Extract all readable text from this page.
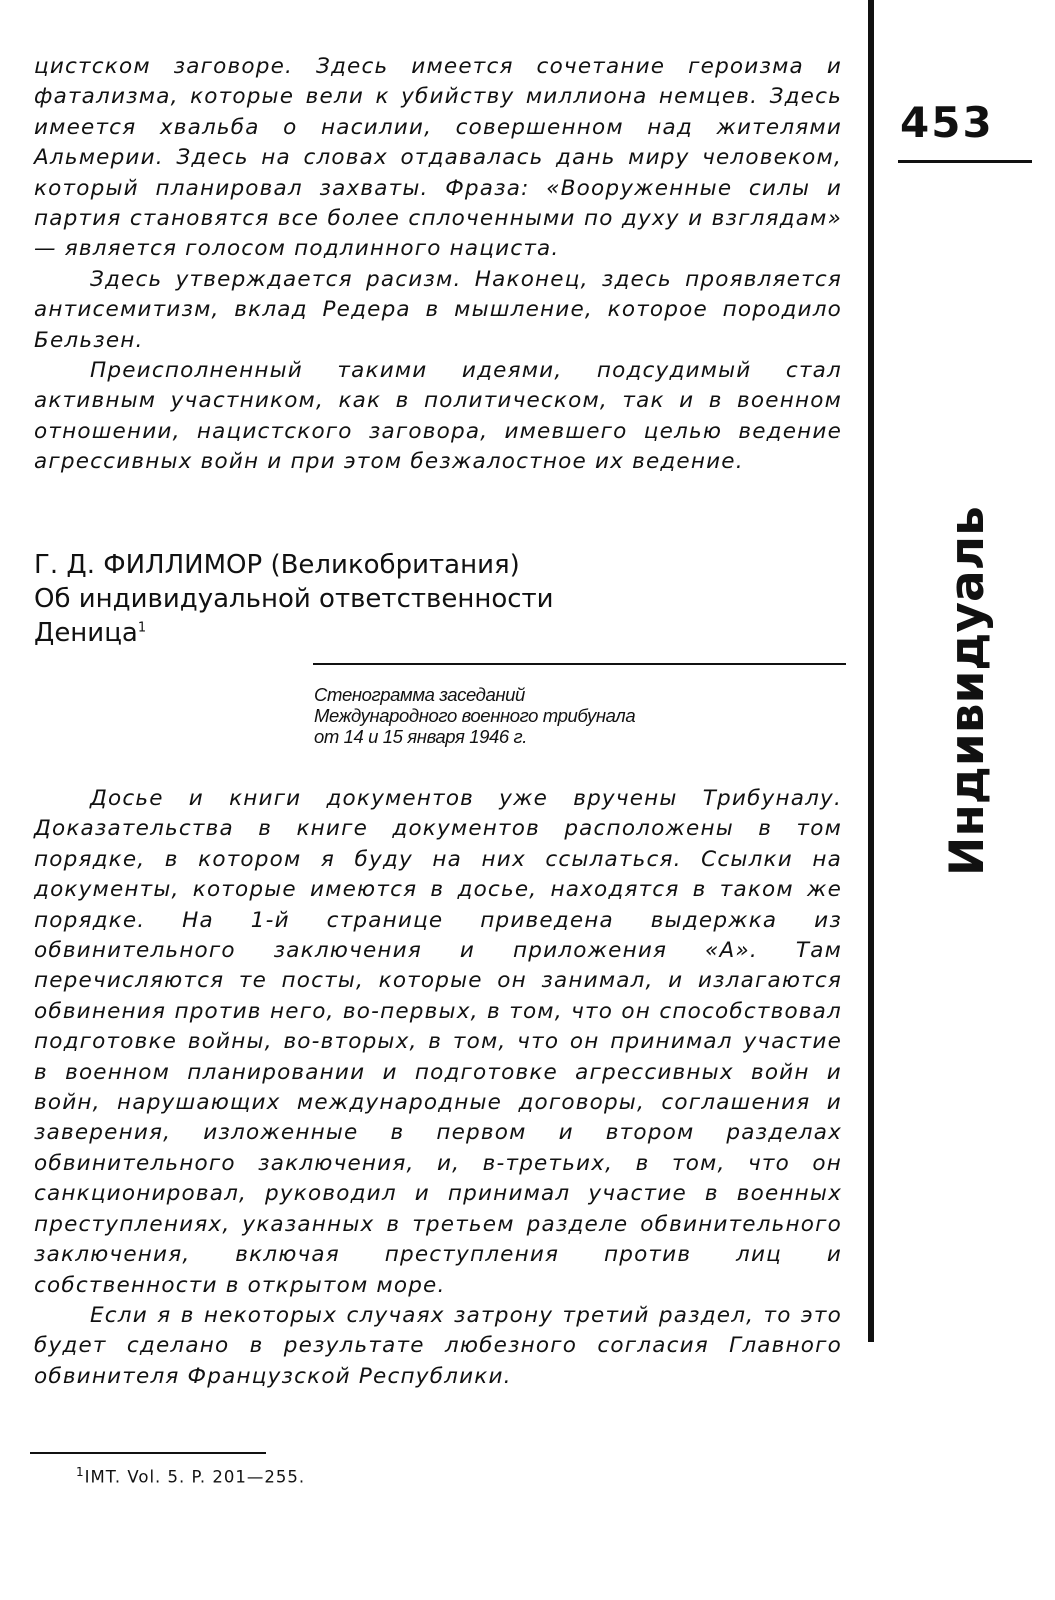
цистском заговоре. Здесь имеется сочетание героизма и фатализма, которые вели к убийству миллиона немцев. Здесь имеется хвальба о насилии, совершенном над жителями Альмерии. Здесь на словах отдавалась дань миру человеком, который планировал захваты. Фраза: «Вооруженные силы и партия становятся все более сплоченными по духу и взглядам» — является голосом подлинного нациста.

Здесь утверждается расизм. Наконец, здесь проявляется антисемитизм, вклад Редера в мышление, которое породило Бельзен.

Преисполненный такими идеями, подсудимый стал активным участником, как в политическом, так и в военном отношении, нацистского заговора, имевшего целью ведение агрессивных войн и при этом безжалостное их ведение.

453
Индивидуаль
Г. Д. ФИЛЛИМОР (Великобритания)
Об индивидуальной ответственности
Деница$^1$
Стенограмма заседаний
Международного военного трибунала
от 14 и 15 января 1946 г.

Досье и книги документов уже вручены Трибуналу. Доказательства в книге документов расположены в том порядке, в котором я буду на них ссылаться. Ссылки на документы, которые имеются в досье, находятся в таком же порядке. На 1-й странице приведена выдержка из обвинительного заключения и приложения «А». Там перечисляются те посты, которые он занимал, и излагаются обвинения против него, во-первых, в том, что он способствовал подготовке войны, во-вторых, в том, что он принимал участие в военном планировании и подготовке агрессивных войн и войн, нарушающих международные договоры, соглашения и заверения, изложенные в первом и втором разделах обвинительного заключения, и, в-третьих, в том, что он санкционировал, руководил и принимал участие в военных преступлениях, указанных в третьем разделе обвинительного заключения, включая преступления против лиц и собственности в открытом море.

Если я в некоторых случаях затрону третий раздел, то это будет сделано в результате любезного согласия Главного обвинителя Французской Республики.

$^1$IMT. Vol. 5. P. 201—255.
